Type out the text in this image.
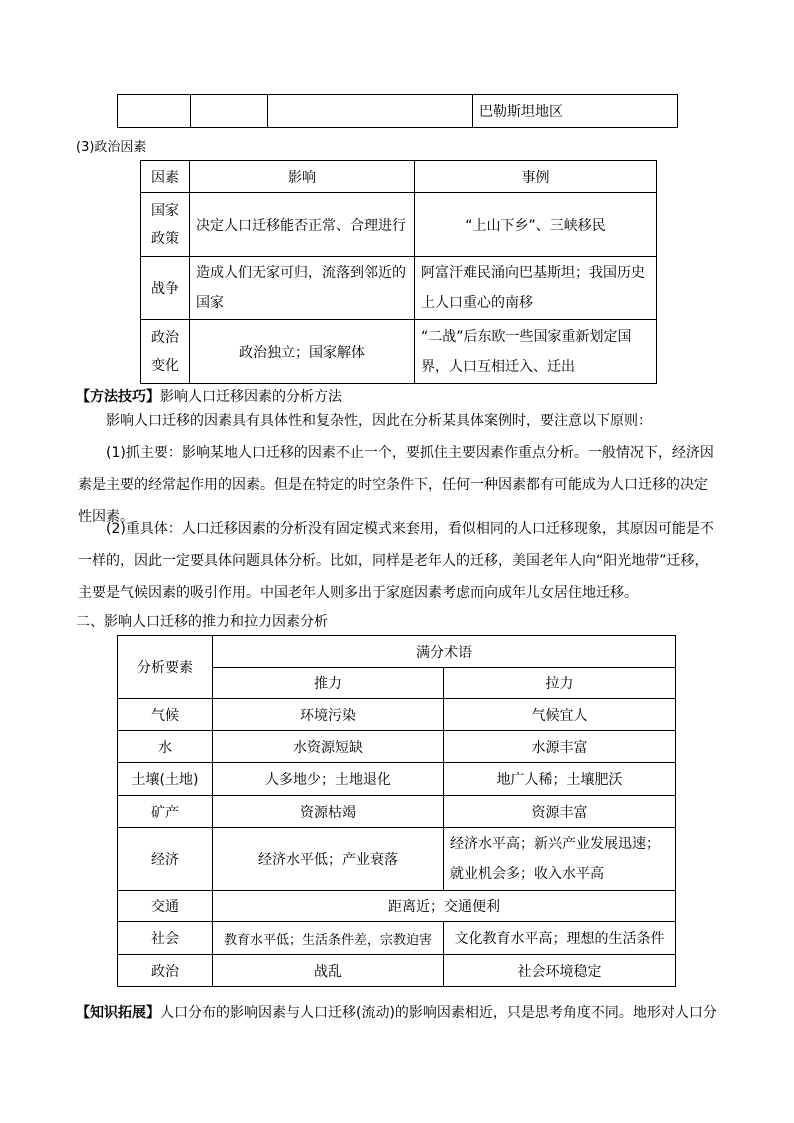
			巴勒斯坦地区
(3)政治因素
因素	影响	事例

国家
政策	决定人口迁移能否正常、合理进行	“上山下乡”、三峡移民

战争	造成人们无家可归，流落到邻近的国家	阿富汗难民涌向巴基斯坦；我国历史上人口重心的南移

政治
变化	政治独立；国家解体	“二战”后东欧一些国家重新划定国界，人口互相迁入、迁出
【方法技巧】影响人口迁移因素的分析方法
影响人口迁移的因素具有具体性和复杂性，因此在分析某具体案例时，要注意以下原则：
(1)抓主要：影响某地人口迁移的因素不止一个，要抓住主要因素作重点分析。一般情况下，经济因素是主要的经常起作用的因素。但是在特定的时空条件下，任何一种因素都有可能成为人口迁移的决定性因素。
(2)重具体：人口迁移因素的分析没有固定模式来套用，看似相同的人口迁移现象，其原因可能是不一样的，因此一定要具体问题具体分析。比如，同样是老年人的迁移，美国老年人向“阳光地带”迁移，主要是气候因素的吸引作用。中国老年人则多出于家庭因素考虑而向成年儿女居住地迁移。
二、影响人口迁移的推力和拉力因素分析
分析要素	满分术语	
	推力	拉力
气候	环境污染	气候宜人
水	水资源短缺	水源丰富
土壤(土地)	人多地少；土地退化	地广人稀；土壤肥沃
矿产	资源枯竭	资源丰富
经济	经济水平低；产业衰落	经济水平高；新兴产业发展迅速；就业机会多；收入水平高
交通	距离近；交通便利	
社会	教育水平低；生活条件差，宗教迫害	文化教育水平高；理想的生活条件
政治	战乱	社会环境稳定
【知识拓展】人口分布的影响因素与人口迁移(流动)的影响因素相近，只是思考角度不同。地形对人口分
